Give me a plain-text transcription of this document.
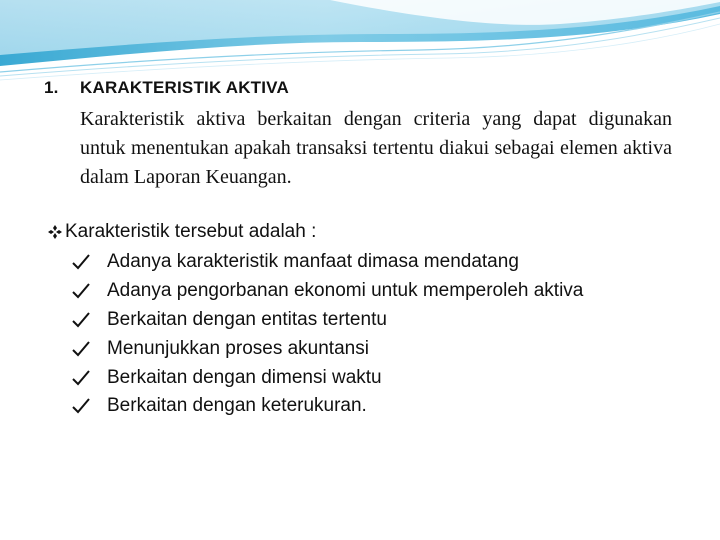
1. KARAKTERISTIK AKTIVA
Karakteristik aktiva berkaitan dengan criteria yang dapat digunakan untuk menentukan apakah transaksi tertentu diakui sebagai elemen aktiva dalam Laporan Keuangan.
Karakteristik tersebut adalah :
Adanya karakteristik manfaat dimasa mendatang
Adanya pengorbanan ekonomi untuk memperoleh aktiva
Berkaitan dengan entitas tertentu
Menunjukkan proses akuntansi
Berkaitan dengan dimensi waktu
Berkaitan dengan keterukuran.
